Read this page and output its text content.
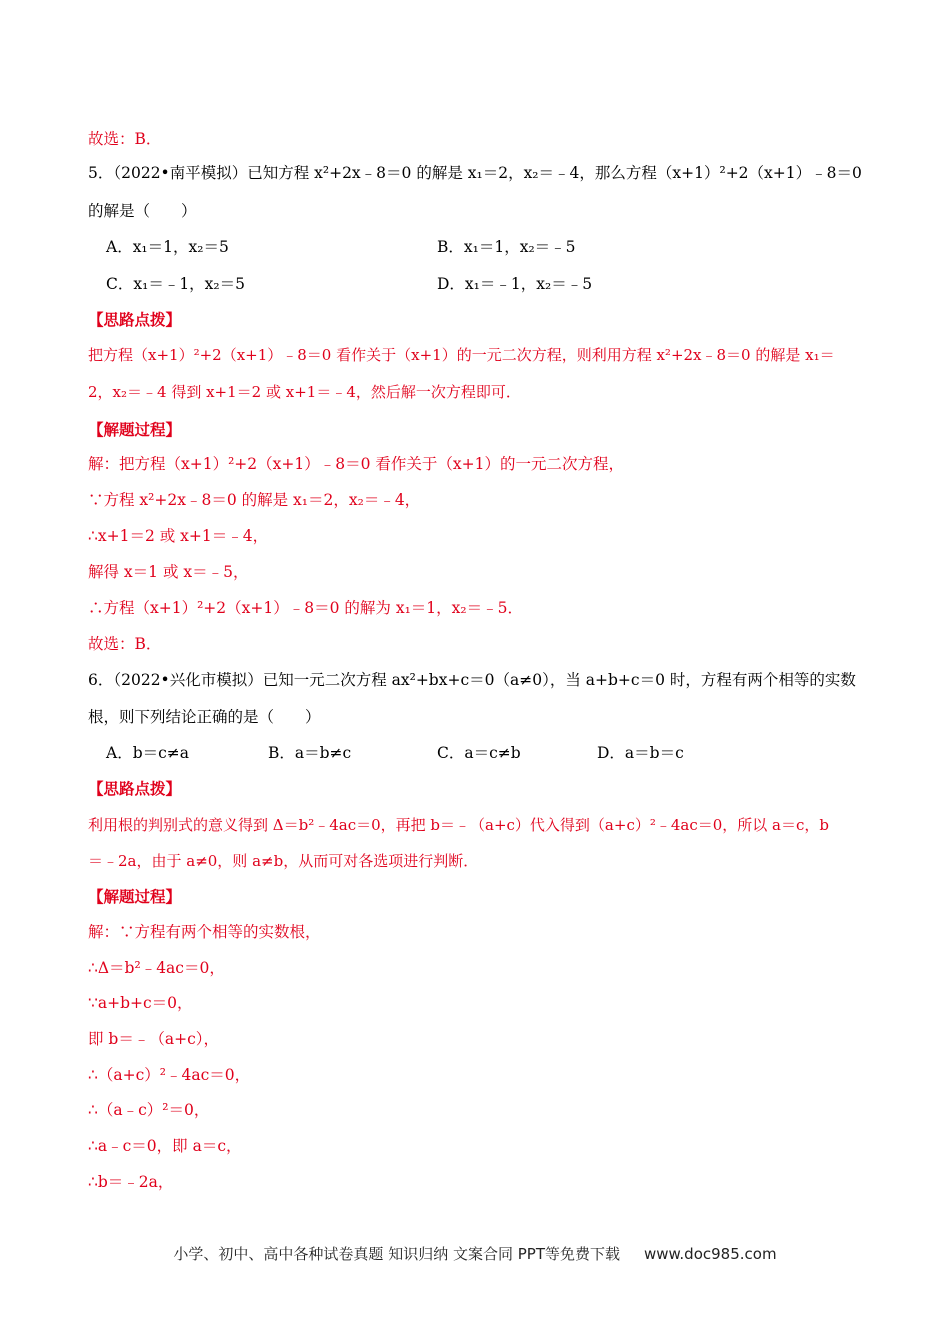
故选：B．
5．（2022•南平模拟）已知方程 x²+2x﹣8＝0 的解是 x₁＝2，x₂＝﹣4，那么方程（x+1）²+2（x+1）﹣8＝0
的解是（　　）
A．x₁＝1，x₂＝5	B．x₁＝1，x₂＝﹣5
C．x₁＝﹣1，x₂＝5	D．x₁＝﹣1，x₂＝﹣5
【思路点拨】
把方程（x+1）²+2（x+1）﹣8＝0 看作关于（x+1）的一元二次方程，则利用方程 x²+2x﹣8＝0 的解是 x₁＝
2，x₂＝﹣4 得到 x+1＝2 或 x+1＝﹣4，然后解一次方程即可．
【解题过程】
解：把方程（x+1）²+2（x+1）﹣8＝0 看作关于（x+1）的一元二次方程，
∵方程 x²+2x﹣8＝0 的解是 x₁＝2，x₂＝﹣4，
∴x+1＝2 或 x+1＝﹣4，
解得 x＝1 或 x＝﹣5，
∴方程（x+1）²+2（x+1）﹣8＝0 的解为 x₁＝1，x₂＝﹣5．
故选：B．
6．（2022•兴化市模拟）已知一元二次方程 ax²+bx+c＝0（a≠0），当 a+b+c＝0 时，方程有两个相等的实数
根，则下列结论正确的是（　　）
A．b＝c≠a	B．a＝b≠c	C．a＝c≠b	D．a＝b＝c
【思路点拨】
利用根的判别式的意义得到 Δ＝b²﹣4ac＝0，再把 b＝﹣（a+c）代入得到（a+c）²﹣4ac＝0，所以 a＝c，b
＝﹣2a，由于 a≠0，则 a≠b，从而可对各选项进行判断．
【解题过程】
解：∵方程有两个相等的实数根，
∴Δ＝b²﹣4ac＝0，
∵a+b+c＝0，
即 b＝﹣（a+c），
∴（a+c）²﹣4ac＝0，
∴（a﹣c）²＝0，
∴a﹣c＝0，即 a＝c，
∴b＝﹣2a，
小学、初中、高中各种试卷真题 知识归纳 文案合同 PPT等免费下载 www.doc985.com
